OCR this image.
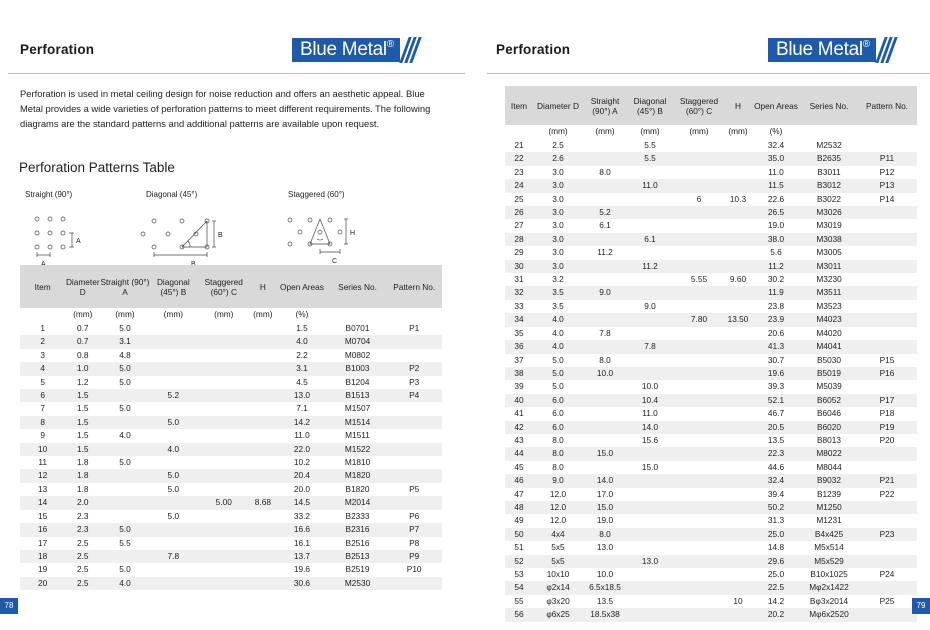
Perforation	Blue Metal®

Perforation is used in metal ceiling design for noise reduction and offers an aesthetic appeal. Blue Metal provides a wide varieties of perforation patterns to meet different requirements. The following diagrams are the standard patterns and additional patterns are available upon request.

Perforation Patterns Table
Straight (90°)
A
Diagonal (45°)
B
Staggered (60°)
H
C
Item	Diameter D	Straight (90°) A	Diagonal (45°) B	Staggered (60°) C	H	Open Areas	Series No.	Pattern No.
	(mm)	(mm)	(mm)	(mm)	(mm)	(%)		
1	0.7	5.0				1.5	B0701	P1
2	0.7	3.1				4.0	M0704	
3	0.8	4.8				2.2	M0802	
4	1.0	5.0				3.1	B1003	P2
5	1.2	5.0				4.5	B1204	P3
6	1.5		5.2			13.0	B1513	P4
7	1.5	5.0				7.1	M1507	
8	1.5		5.0			14.2	M1514	
9	1.5	4.0				11.0	M1511	
10	1.5		4.0			22.0	M1522	
11	1.8	5.0				10.2	M1810	
12	1.8		5.0			20.4	M1820	
13	1.8		5.0			20.0	B1820	P5
14	2.0			5.00	8.68	14.5	M2014	
15	2.3		5.0			33.2	B2333	P6
16	2.3	5.0				16.6	B2316	P7
17	2.5	5.5				16.1	B2516	P8
18	2.5		7.8			13.7	B2513	P9
19	2.5	5.0				19.6	B2519	P10
20	2.5	4.0				30.6	M2530	
78
Perforation	Blue Metal®
Item	Diameter D	Straight (90°) A	Diagonal (45°) B	Staggered (60°) C	H	Open Areas	Series No.	Pattern No.
	(mm)	(mm)	(mm)	(mm)	(mm)	(%)		
21	2.5		5.5			32.4	M2532	
22	2.6		5.5			35.0	B2635	P11
23	3.0	8.0				11.0	B3011	P12
24	3.0		11.0			11.5	B3012	P13
25	3.0			6	10.3	22.6	B3022	P14
26	3.0	5.2				26.5	M3026	
27	3.0	6.1				19.0	M3019	
28	3.0		6.1			38.0	M3038	
29	3.0	11.2				5.6	M3005	
30	3.0		11.2			11.2	M3011	
31	3.2			5.55	9.60	30.2	M3230	
32	3.5	9.0				11.9	M3511	
33	3.5		9.0			23.8	M3523	
34	4.0			7.80	13.50	23.9	M4023	
35	4.0	7.8				20.6	M4020	
36	4.0		7.8			41.3	M4041	
37	5.0	8.0				30.7	B5030	P15
38	5.0	10.0				19.6	B5019	P16
39	5.0		10.0			39.3	M5039	
40	6.0		10.4			52.1	B6052	P17
41	6.0		11.0			46.7	B6046	P18
42	6.0		14.0			20.5	B6020	P19
43	8.0		15.6			13.5	B8013	P20
44	8.0	15.0				22.3	M8022	
45	8.0		15.0			44.6	M8044	
46	9.0	14.0				32.4	B9032	P21
47	12.0	17.0				39.4	B1239	P22
48	12.0	15.0				50.2	M1250	
49	12.0	19.0				31.3	M1231	
50	4x4	8.0				25.0	B4x425	P23
51	5x5	13.0				14.8	M5x514	
52	5x5		13.0			29.6	M5x529	
53	10x10	10.0				25.0	B10x1025	P24
54	φ2x14	6.5x18.5				22.5	Mφ2x1422	
55	φ3x20	13.5			10	14.2	Bφ3x2014	P25
56	φ6x25	18.5x38				20.2	Mφ6x2520	
79
